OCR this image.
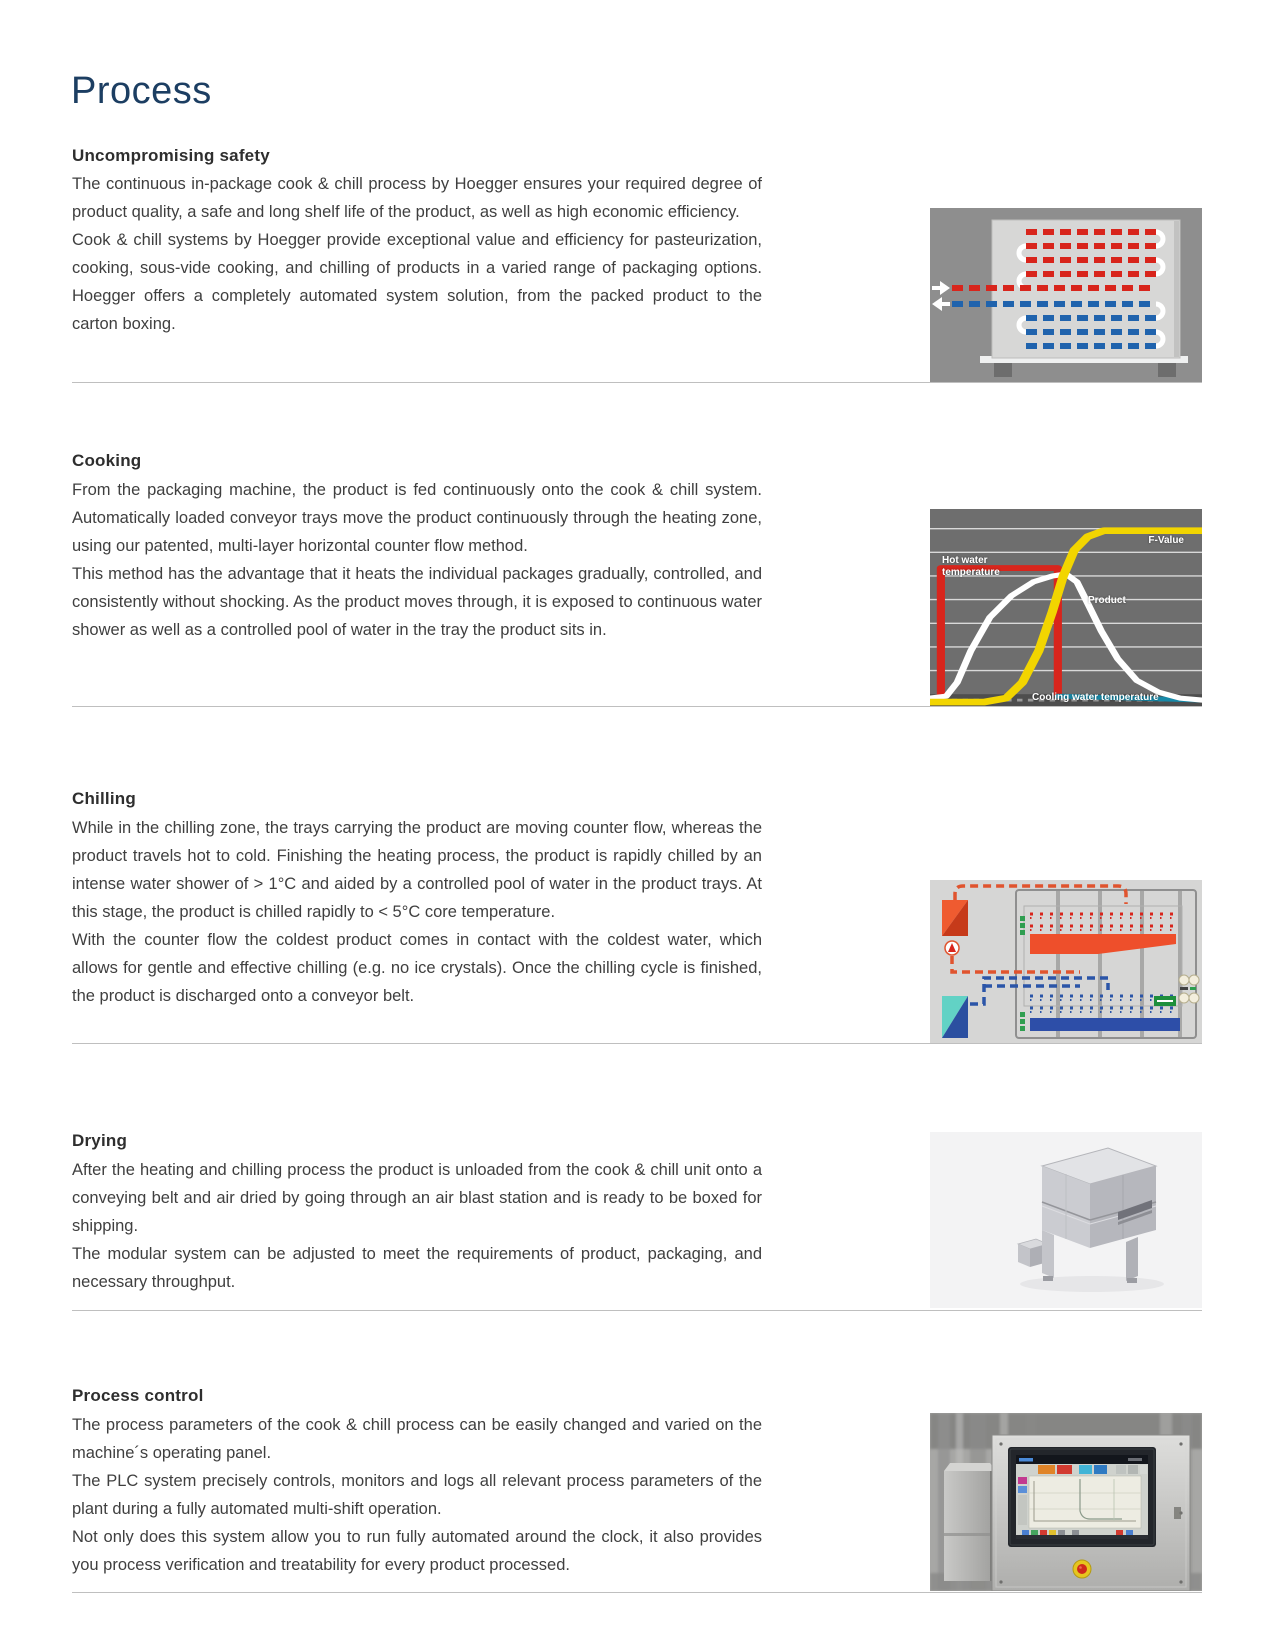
Process
Uncompromising safety

The continuous in-package cook & chill process by Hoegger ensures your required degree of product quality, a safe and long shelf life of the product, as well as high economic efficiency.

Cook & chill systems by Hoegger provide exceptional value and efficiency for pasteurization, cooking, sous-vide cooking, and chilling of products in a varied range of packaging options. Hoegger offers a completely automated system solution, from the packed product to the carton boxing.

Cooking

From the packaging machine, the product is fed continuously onto the cook & chill system. Automatically loaded conveyor trays move the product continuously through the heating zone, using our patented, multi-layer horizontal counter flow method.

This method has the advantage that it heats the individual packages gradually, controlled, and consistently without shocking. As the product moves through, it is exposed to continuous water shower as well as a controlled pool of water in the tray the product sits in.

Hot water temperature
F-Value
Product
Cooling water temperature
Chilling

While in the chilling zone, the trays carrying the product are moving counter flow, whereas the product travels hot to cold. Finishing the heating process, the product is rapidly chilled by an intense water shower of > 1°C and aided by a controlled pool of water in the product trays. At this stage, the product is chilled rapidly to < 5°C core temperature.

With the counter flow the coldest product comes in contact with the coldest water, which allows for gentle and effective chilling (e.g. no ice crystals). Once the chilling cycle is finished, the product is discharged onto a conveyor belt.

Drying

After the heating and chilling process the product is unloaded from the cook & chill unit onto a conveying belt and air dried by going through an air blast station and is ready to be boxed for shipping.

The modular system can be adjusted to meet the requirements of product, packaging, and necessary throughput.

Process control

The process parameters of the cook & chill process can be easily changed and varied on the machine´s operating panel.

The PLC system precisely controls, monitors and logs all relevant process parameters of the plant during a fully automated multi-shift operation.

Not only does this system allow you to run fully automated around the clock, it also provides you process verification and treatability for every product processed.
